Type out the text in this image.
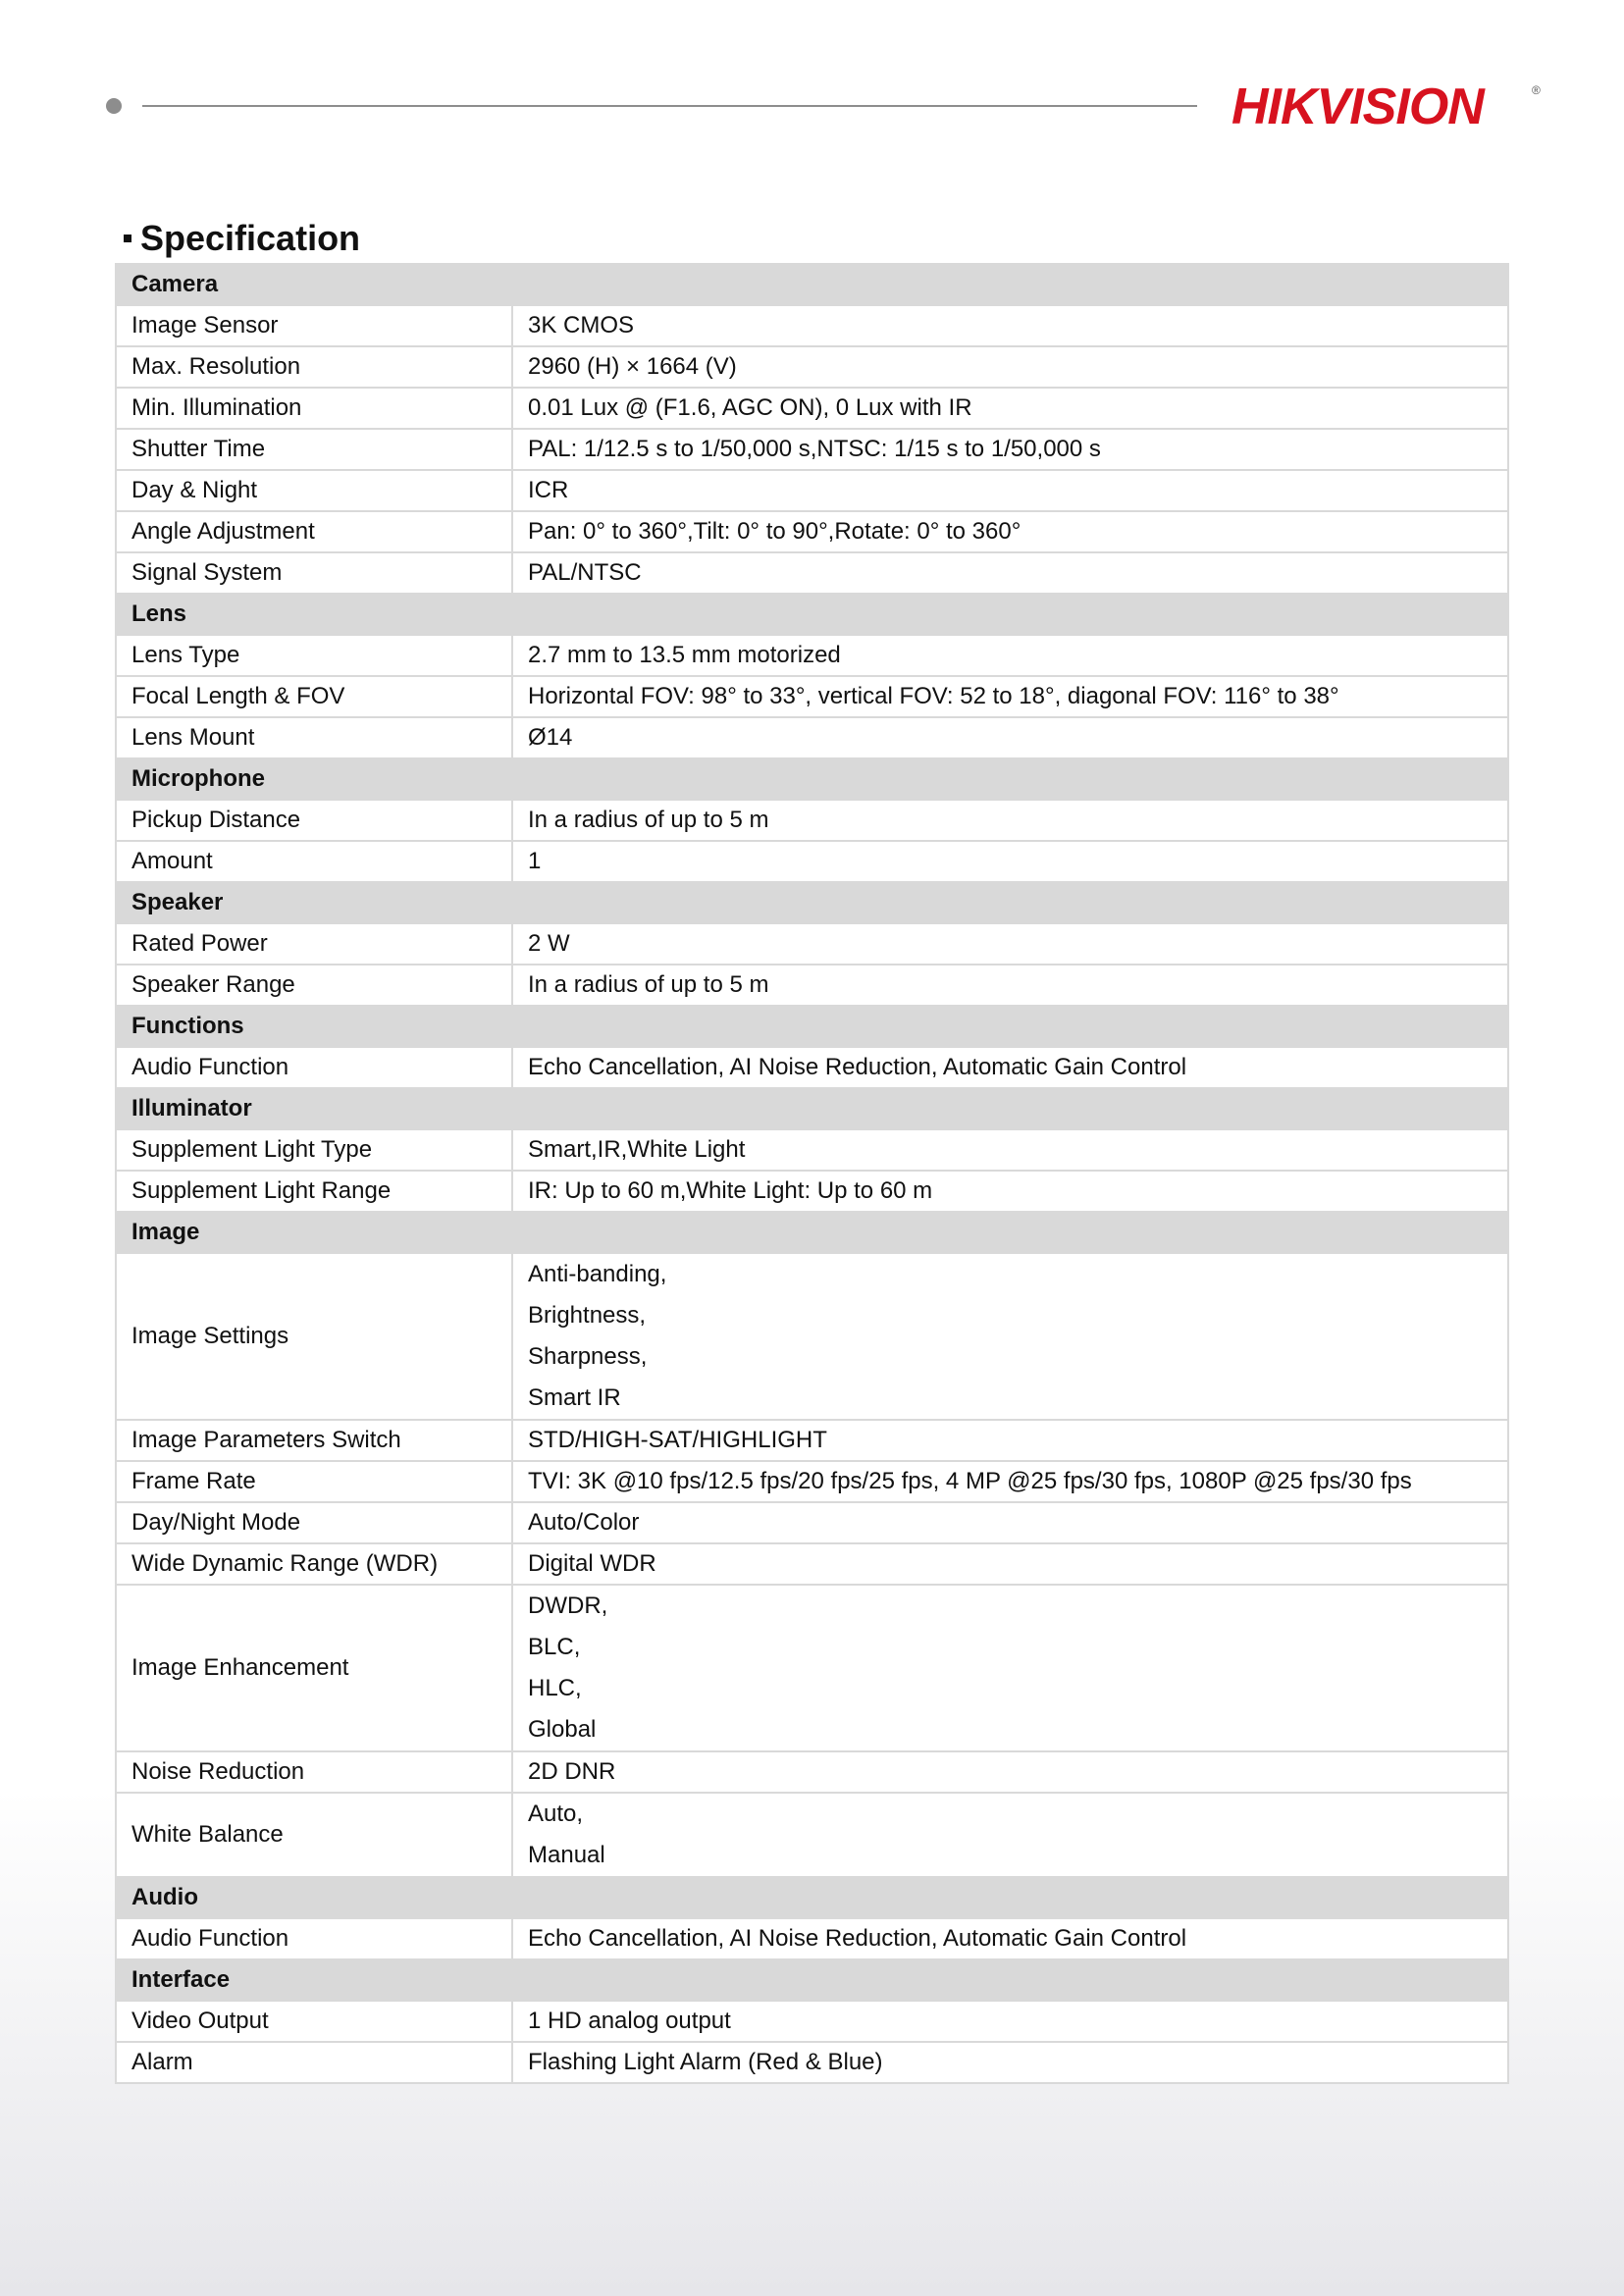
HIKVISION	®
Specification
Camera	
Image Sensor	3K CMOS
Max. Resolution	2960 (H) × 1664 (V)
Min. Illumination	0.01 Lux @ (F1.6, AGC ON), 0 Lux with IR
Shutter Time	PAL: 1/12.5 s to 1/50,000 s,NTSC: 1/15 s to 1/50,000 s
Day & Night	ICR
Angle Adjustment	Pan: 0° to 360°,Tilt: 0° to 90°,Rotate: 0° to 360°
Signal System	PAL/NTSC
Lens	
Lens Type	2.7 mm to 13.5 mm motorized
Focal Length & FOV	Horizontal FOV: 98° to 33°, vertical FOV: 52 to 18°, diagonal FOV: 116° to 38°
Lens Mount	Ø14
Microphone	
Pickup Distance	In a radius of up to 5 m
Amount	1
Speaker	
Rated Power	2 W
Speaker Range	In a radius of up to 5 m
Functions	
Audio Function	Echo Cancellation, AI Noise Reduction, Automatic Gain Control
Illuminator	
Supplement Light Type	Smart,IR,White Light
Supplement Light Range	IR: Up to 60 m,White Light: Up to 60 m
Image	
Image Settings	Anti-banding,
Brightness,
Sharpness,
Smart IR

Image Parameters Switch	STD/HIGH-SAT/HIGHLIGHT
Frame Rate	TVI: 3K @10 fps/12.5 fps/20 fps/25 fps, 4 MP @25 fps/30 fps, 1080P @25 fps/30 fps
Day/Night Mode	Auto/Color
Wide Dynamic Range (WDR)	Digital WDR
Image Enhancement	DWDR,
BLC,
HLC,
Global

Noise Reduction	2D DNR
White Balance	Auto,
Manual

Audio	
Audio Function	Echo Cancellation, AI Noise Reduction, Automatic Gain Control
Interface	
Video Output	1 HD analog output
Alarm	Flashing Light Alarm (Red & Blue)
